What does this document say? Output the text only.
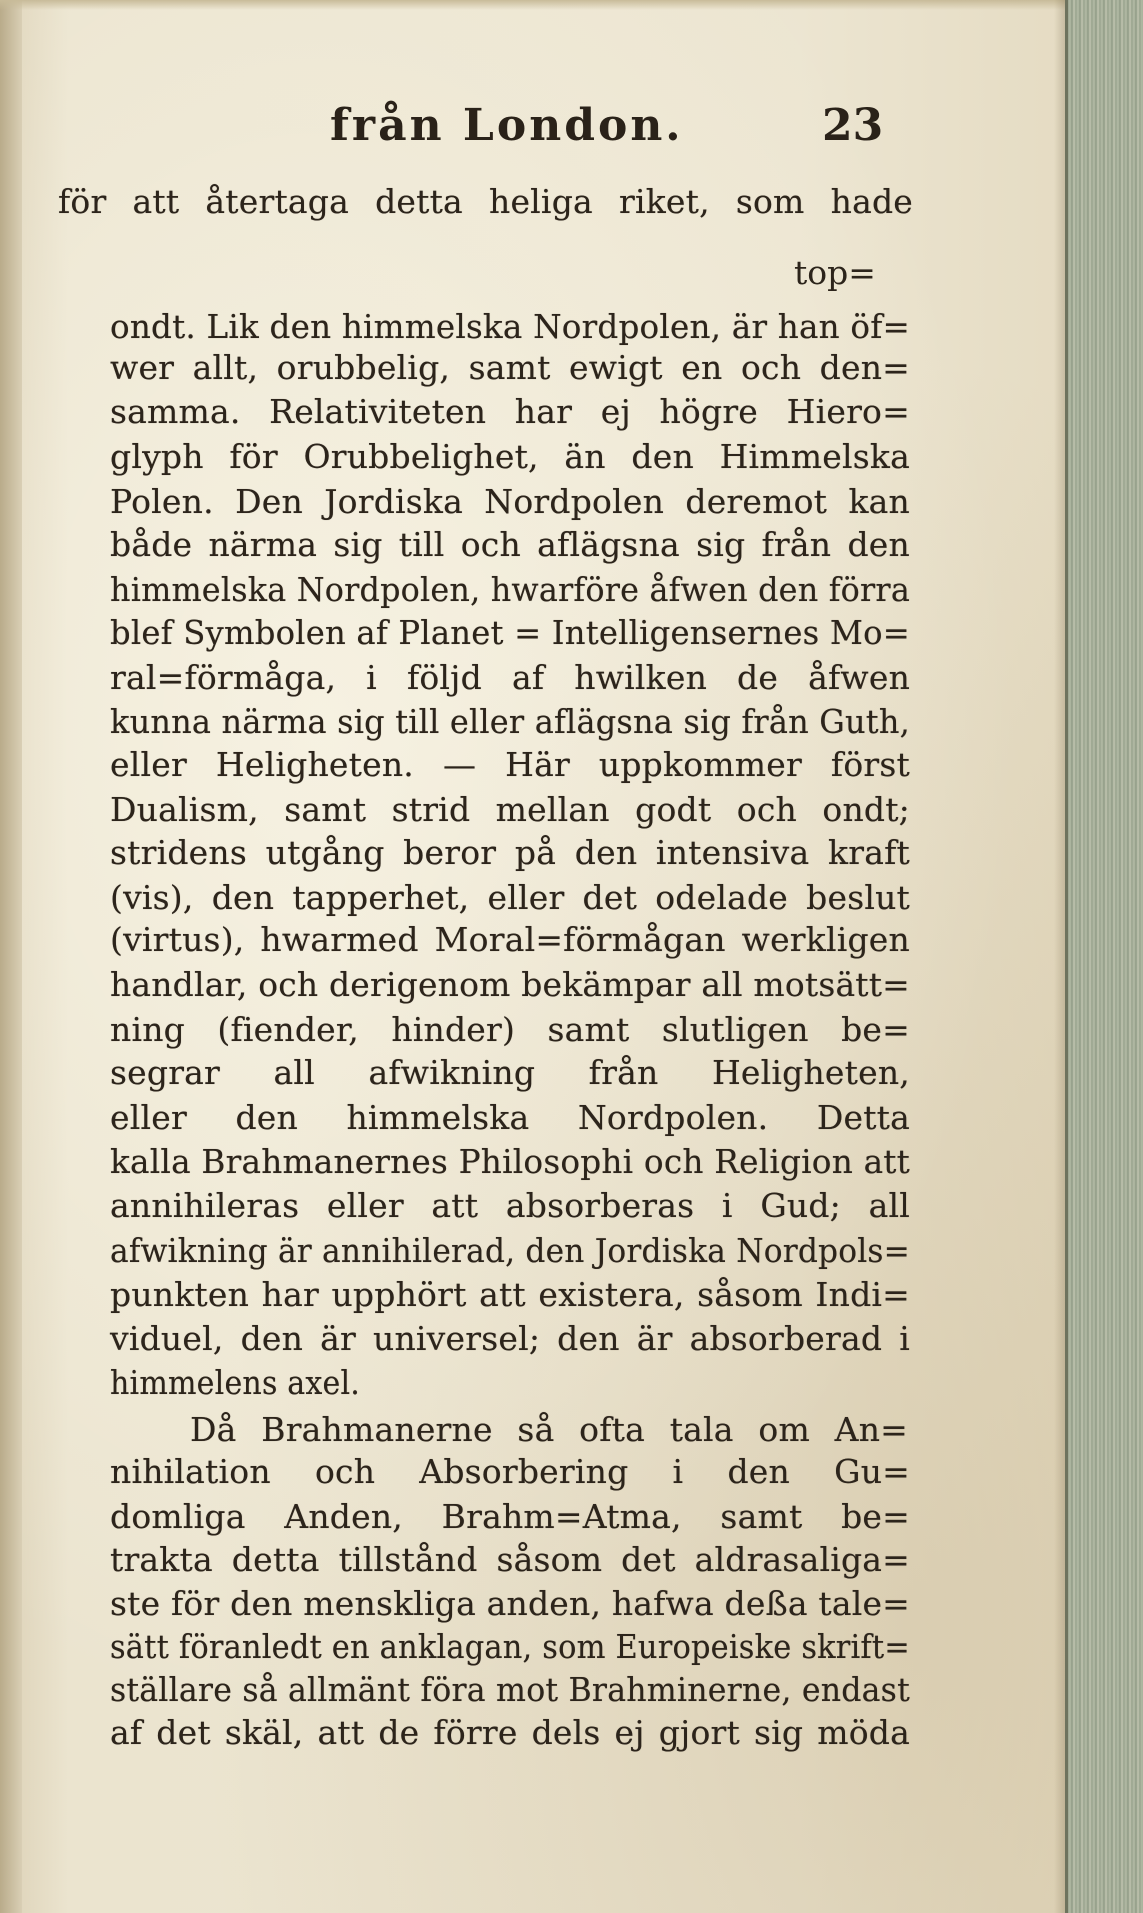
från London.	23
för att återtaga detta heliga riket, som hade
ondt. Lik den himmelska Nordpolen, är han öf=
wer allt, orubbelig, samt ewigt en och den=
samma. Relativiteten har ej högre Hiero=
glyph för Orubbelighet, än den Himmelska
Polen. Den Jordiska Nordpolen deremot kan
både närma sig till och aflägsna sig från den
himmelska Nordpolen, hwarföre åfwen den förra
blef Symbolen af Planet = Intelligensernes Mo=
ral=förmåga, i följd af hwilken de åfwen
kunna närma sig till eller aflägsna sig från Guth,
eller Heligheten. — Här uppkommer först
Dualism, samt strid mellan godt och ondt;
stridens utgång beror på den intensiva kraft
(vis), den tapperhet, eller det odelade beslut
(virtus), hwarmed Moral=förmågan werkligen
handlar, och derigenom bekämpar all motsätt=
ning (fiender, hinder) samt slutligen be=
segrar all afwikning från Heligheten,
eller den himmelska Nordpolen. Detta
kalla Brahmanernes Philosophi och Religion att
annihileras eller att absorberas i Gud; all
afwikning är annihilerad, den Jordiska Nordpols=
punkten har upphört att existera, såsom Indi=
viduel, den är universel; den är absorberad i
himmelens axel.
Då Brahmanerne så ofta tala om An=
nihilation och Absorbering i den Gu=
domliga Anden, Brahm=Atma, samt be=
trakta detta tillstånd såsom det aldrasaliga=
ste för den menskliga anden, hafwa deßa tale=
sätt föranledt en anklagan, som Europeiske skrift=
ställare så allmänt föra mot Brahminerne, endast
af det skäl, att de förre dels ej gjort sig möda
top=
